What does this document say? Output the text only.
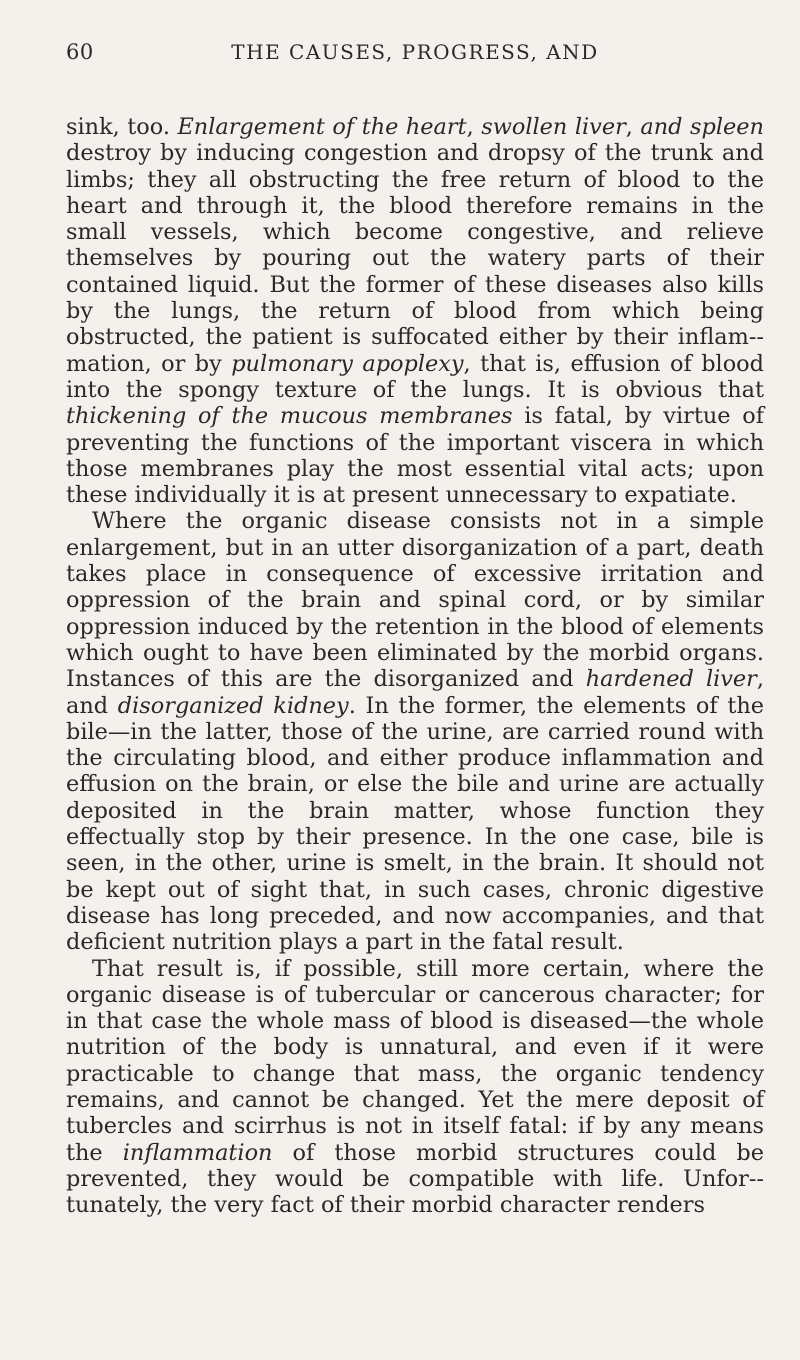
60	THE CAUSES, PROGRESS, AND

sink, too. Enlargement of the heart, swollen liver, and spleen destroy by inducing congestion and dropsy of the trunk and limbs; they all obstructing the free return of blood to the heart and through it, the blood therefore remains in the small vessels, which become congestive, and relieve themselves by pouring out the watery parts of their contained liquid. But the former of these diseases also kills by the lungs, the return of blood from which being obstructed, the patient is suffocated either by their inflam-mation, or by pulmonary apoplexy, that is, effusion of blood into the spongy texture of the lungs. It is obvious that thickening of the mucous membranes is fatal, by virtue of preventing the functions of the important viscera in which those membranes play the most essential vital acts; upon these individually it is at present unnecessary to expatiate.

Where the organic disease consists not in a simple enlargement, but in an utter disorganization of a part, death takes place in consequence of excessive irritation and oppression of the brain and spinal cord, or by similar oppression induced by the retention in the blood of elements which ought to have been eliminated by the morbid organs. Instances of this are the disorganized and hardened liver, and disorganized kidney. In the former, the elements of the bile—in the latter, those of the urine, are carried round with the circulating blood, and either produce inflammation and effusion on the brain, or else the bile and urine are actually deposited in the brain matter, whose function they effectually stop by their presence. In the one case, bile is seen, in the other, urine is smelt, in the brain. It should not be kept out of sight that, in such cases, chronic digestive disease has long preceded, and now accompanies, and that deficient nutrition plays a part in the fatal result.

That result is, if possible, still more certain, where the organic disease is of tubercular or cancerous character; for in that case the whole mass of blood is diseased—the whole nutrition of the body is unnatural, and even if it were practicable to change that mass, the organic tendency remains, and cannot be changed. Yet the mere deposit of tubercles and scirrhus is not in itself fatal: if by any means the inflammation of those morbid structures could be prevented, they would be compatible with life. Unfor-tunately, the very fact of their morbid character renders
